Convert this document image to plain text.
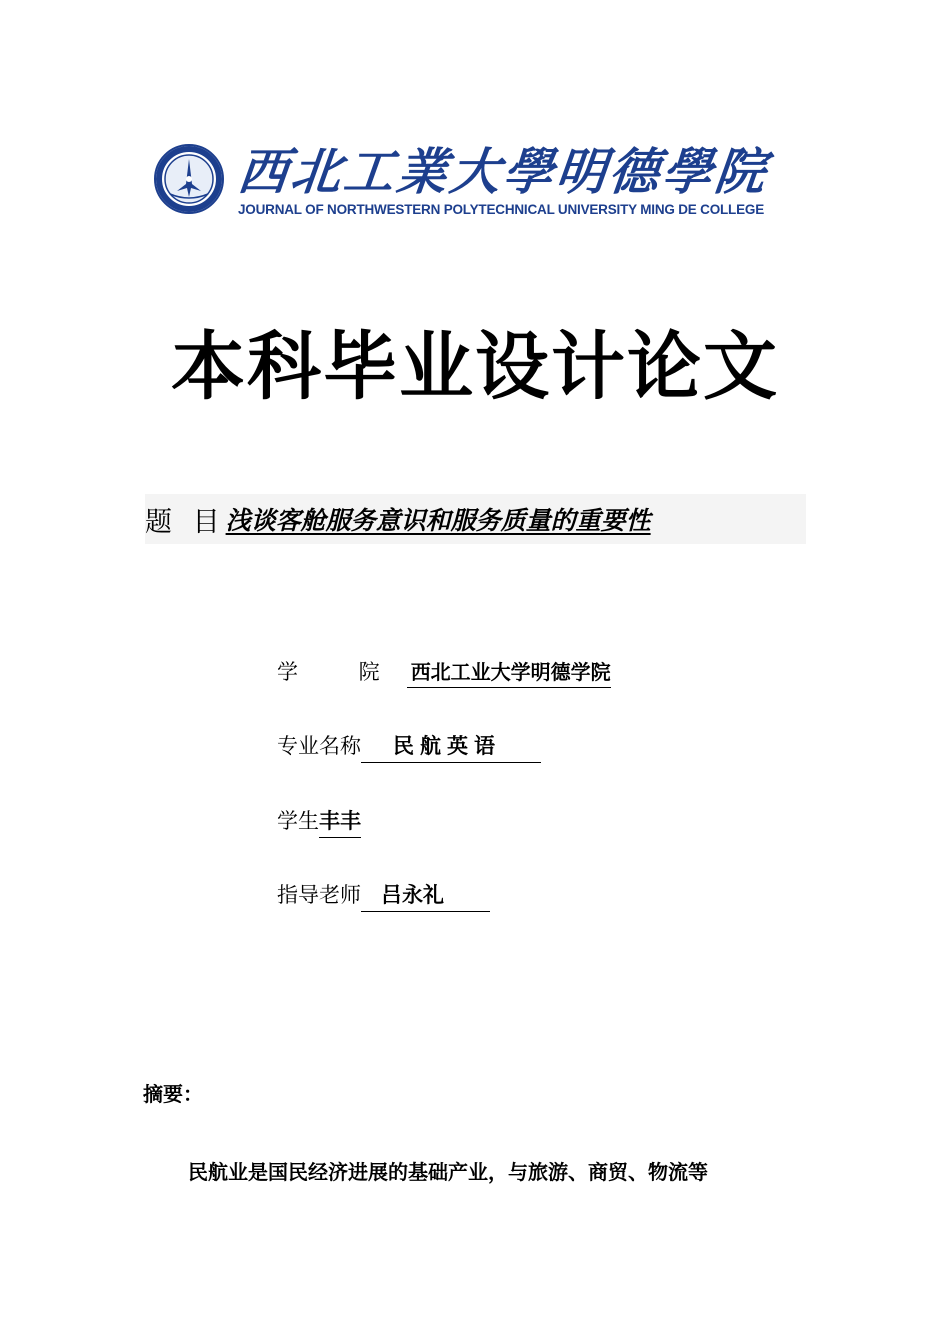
西北工業大學明德學院
JOURNAL OF NORTHWESTERN POLYTECHNICAL UNIVERSITY MING DE COLLEGE
本科毕业设计论文
题 目 浅谈客舱服务意识和服务质量的重要性
学 院 西北工业大学明德学院
专业名称	民航英语
学生 丰丰
指导老师 吕永礼
摘要：
民航业是国民经济进展的基础产业，与旅游、商贸、物流等
